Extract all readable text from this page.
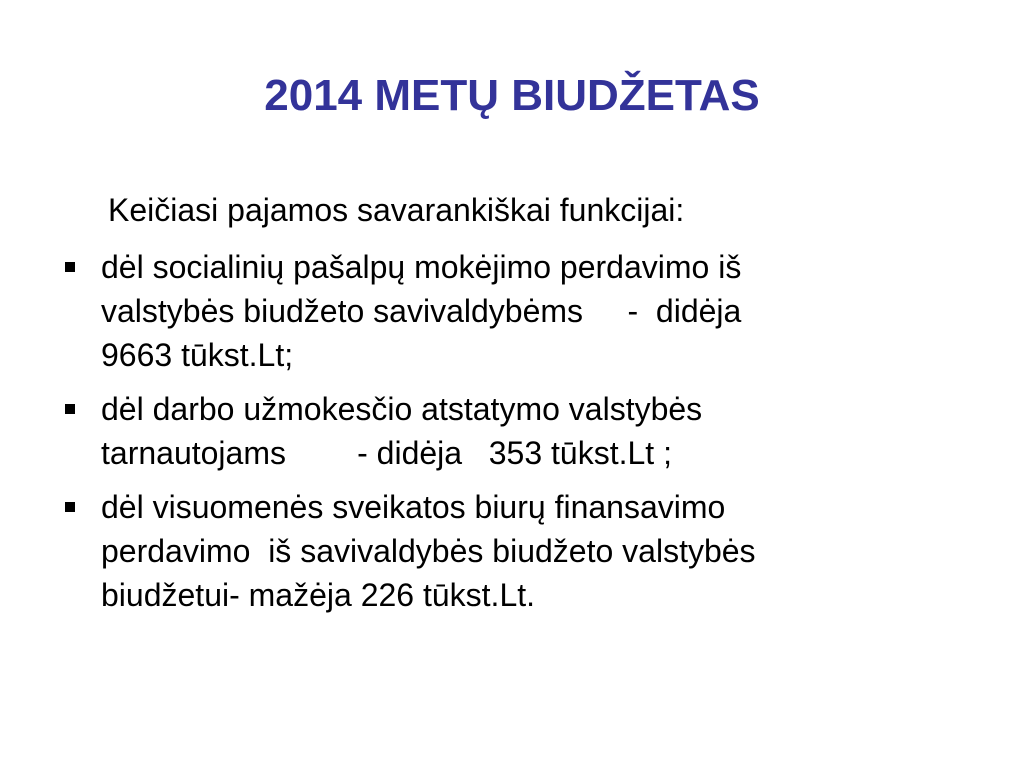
2014 METŲ BIUDŽETAS
Keičiasi pajamos savarankiškai funkcijai:
dėl socialinių pašalpų mokėjimo perdavimo iš
valstybės biudžeto savivaldybėms     -  didėja
9663 tūkst.Lt;
dėl darbo užmokesčio atstatymo valstybės
tarnautojams        - didėja   353 tūkst.Lt ;
dėl visuomenės sveikatos biurų finansavimo
perdavimo  iš savivaldybės biudžeto valstybės
biudžetui- mažėja 226 tūkst.Lt.
